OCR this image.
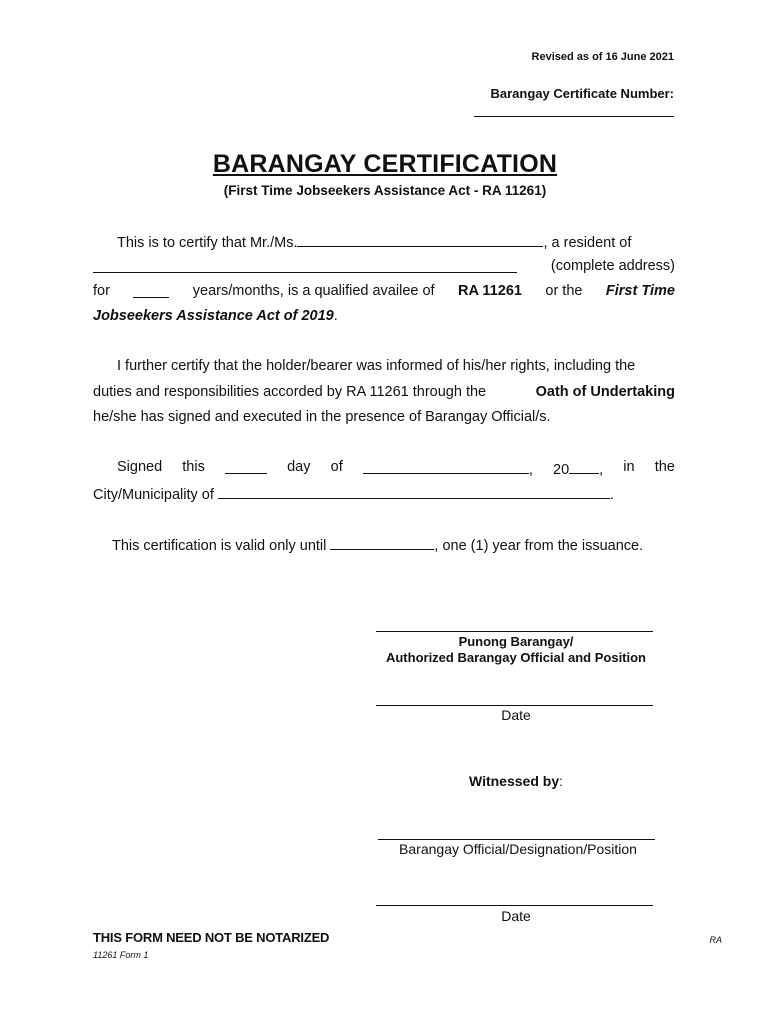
Revised as of 16 June 2021
Barangay Certificate Number:
BARANGAY CERTIFICATION
(First Time Jobseekers Assistance Act - RA 11261)
This is to certify that Mr./Ms.	, a resident of
(complete address)
for	years/months, is a qualified availee of RA 11261 or the First Time
Jobseekers Assistance Act of 2019.
I further certify that the holder/bearer was informed of his/her rights, including the
duties and responsibilities accorded by RA 11261 through the	Oath of Undertaking
he/she has signed and executed in the presence of Barangay Official/s.
Signed this	day of	, 20 , in the
City/Municipality of	.
This certification is valid only until	, one (1) year from the issuance.
Punong Barangay/
Authorized Barangay Official and Position
Date
Witnessed by:
Barangay Official/Designation/Position
Date
THIS FORM NEED NOT BE NOTARIZED
11261 Form 1
RA
